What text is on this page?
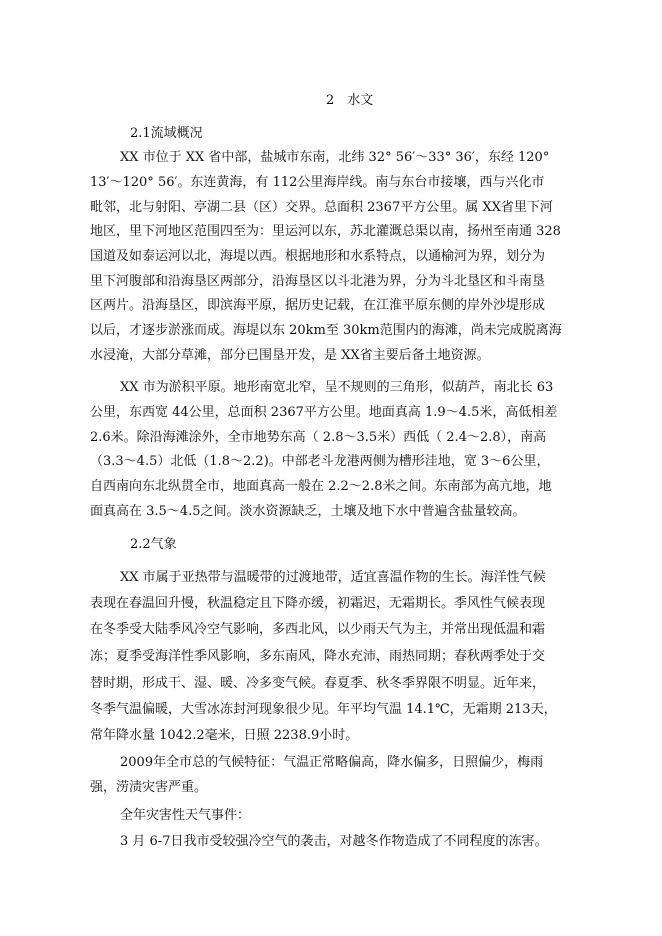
2　水文
2.1流域概况
XX 市位于 XX 省中部，盐城市东南，北纬 32° 56′～33° 36′，东经 120°
13′～120° 56′。东连黄海，有 112公里海岸线。南与东台市接壤，西与兴化市
毗邻，北与射阳、亭湖二县（区）交界。总面积 2367平方公里。属 XX省里下河
地区，里下河地区范围四至为：里运河以东，苏北灌溉总渠以南，扬州至南通 328
国道及如泰运河以北，海堤以西。根据地形和水系特点，以通榆河为界，划分为
里下河腹部和沿海垦区两部分，沿海垦区以斗北港为界，分为斗北垦区和斗南垦
区两片。沿海垦区，即滨海平原，据历史记载，在江淮平原东侧的岸外沙堤形成
以后，才逐步淤涨而成。海堤以东 20km至 30km范围内的海滩，尚未完成脱离海
水浸淹，大部分草滩，部分已围垦开发，是 XX省主要后备土地资源。
XX 市为淤积平原。地形南宽北窄，呈不规则的三角形，似葫芦，南北长 63
公里，东西宽 44公里，总面积 2367平方公里。地面真高 1.9～4.5米，高低相差
2.6米。除沿海滩涂外，全市地势东高（ 2.8～3.5米）西低（ 2.4～2.8），南高
（3.3～4.5）北低（1.8～2.2)。中部老斗龙港两侧为槽形洼地，宽 3～6公里，
自西南向东北纵贯全市，地面真高一般在 2.2～2.8米之间。东南部为高亢地，地
面真高在 3.5～4.5之间。淡水资源缺乏，土壤及地下水中普遍含盐量较高。
2.2气象
XX 市属于亚热带与温暖带的过渡地带，适宜喜温作物的生长。海洋性气候
表现在春温回升慢，秋温稳定且下降亦缓，初霜迟，无霜期长。季风性气候表现
在冬季受大陆季风冷空气影响，多西北风，以少雨天气为主，并常出现低温和霜
冻；夏季受海洋性季风影响，多东南风，降水充沛，雨热同期；春秋两季处于交
替时期，形成干、湿、暖、冷多变气候。春夏季、秋冬季界限不明显。近年来，
冬季气温偏暖，大雪冰冻封河现象很少见。年平均气温 14.1℃，无霜期 213天，
常年降水量 1042.2毫米，日照 2238.9小时。
2009年全市总的气候特征：气温正常略偏高，降水偏多，日照偏少，梅雨
强，涝渍灾害严重。
全年灾害性天气事件：
3 月 6-7日我市受较强冷空气的袭击，对越冬作物造成了不同程度的冻害。
